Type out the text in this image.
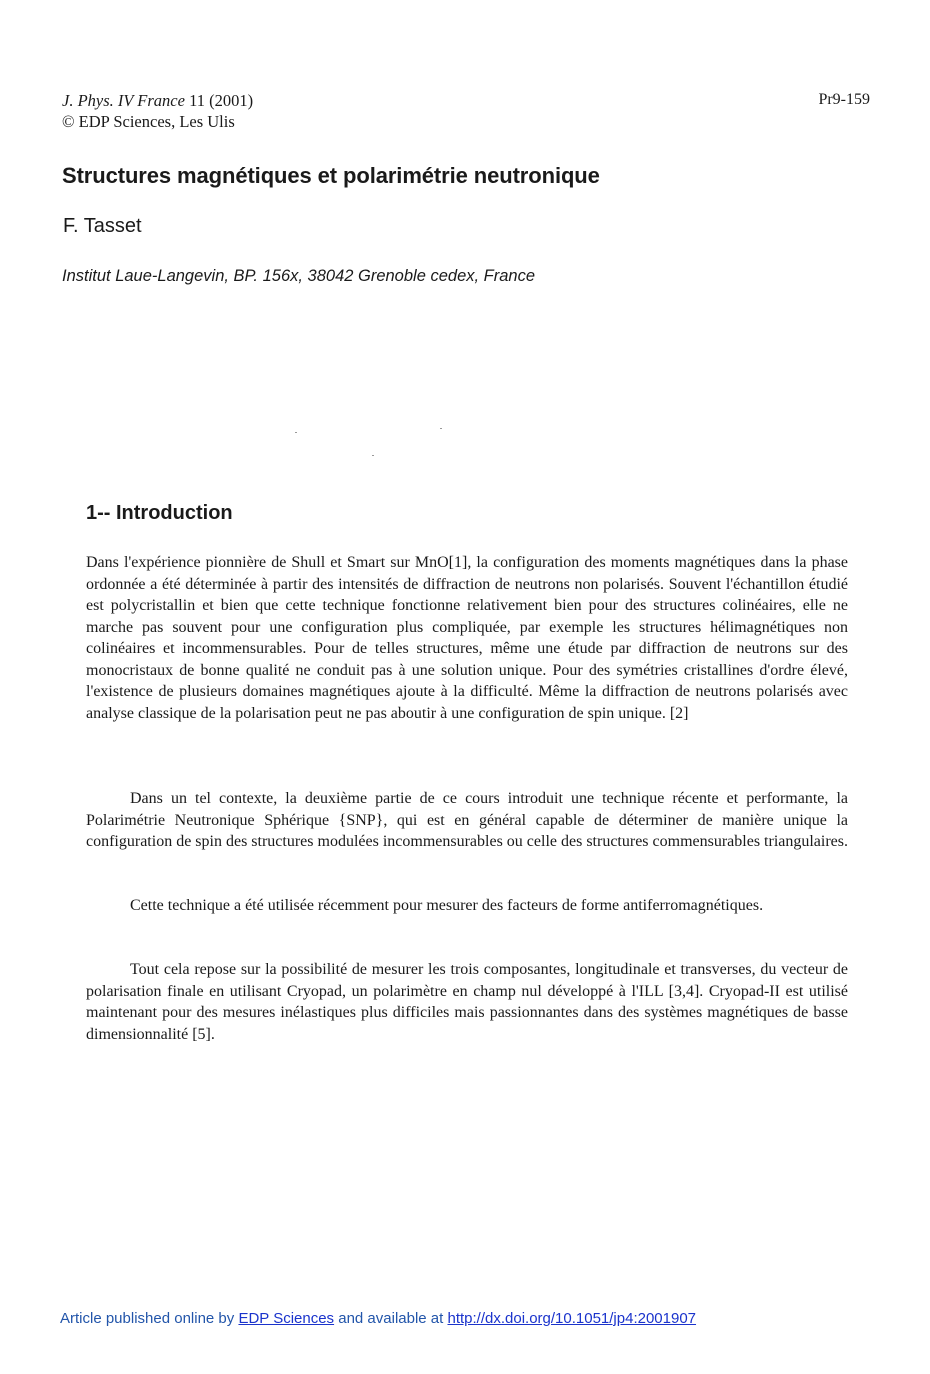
J. Phys. IV France 11 (2001)
© EDP Sciences, Les Ulis
Pr9-159
Structures magnétiques et polarimétrie neutronique
F. Tasset
Institut Laue-Langevin, BP. 156x, 38042 Grenoble cedex, France
1-- Introduction

Dans l'expérience pionnière de Shull et Smart sur MnO[1], la configuration des moments magnétiques dans la phase ordonnée a été déterminée à partir des intensités de diffraction de neutrons non polarisés. Souvent l'échantillon étudié est polycristallin et bien que cette technique fonctionne relativement bien pour des structures colinéaires, elle ne marche pas souvent pour une configuration plus compliquée, par exemple les structures hélimagnétiques non colinéaires et incommensurables. Pour de telles structures, même une étude par diffraction de neutrons sur des monocristaux de bonne qualité ne conduit pas à une solution unique. Pour des symétries cristallines d'ordre élevé, l'existence de plusieurs domaines magnétiques ajoute à la difficulté. Même la diffraction de neutrons polarisés avec analyse classique de la polarisation peut ne pas aboutir à une configuration de spin unique. [2]

Dans un tel contexte, la deuxième partie de ce cours introduit une technique récente et performante, la Polarimétrie Neutronique Sphérique {SNP}, qui est en général capable de déterminer de manière unique la configuration de spin des structures modulées incommensurables ou celle des structures commensurables triangulaires.

Cette technique a été utilisée récemment pour mesurer des facteurs de forme antiferromagnétiques.

Tout cela repose sur la possibilité de mesurer les trois composantes, longitudinale et transverses, du vecteur de polarisation finale en utilisant Cryopad, un polarimètre en champ nul développé à l'ILL [3,4]. Cryopad-II est utilisé maintenant pour des mesures inélastiques plus difficiles mais passionnantes dans des systèmes magnétiques de basse dimensionnalité [5].

Article published online by EDP Sciences and available at http://dx.doi.org/10.1051/jp4:2001907
